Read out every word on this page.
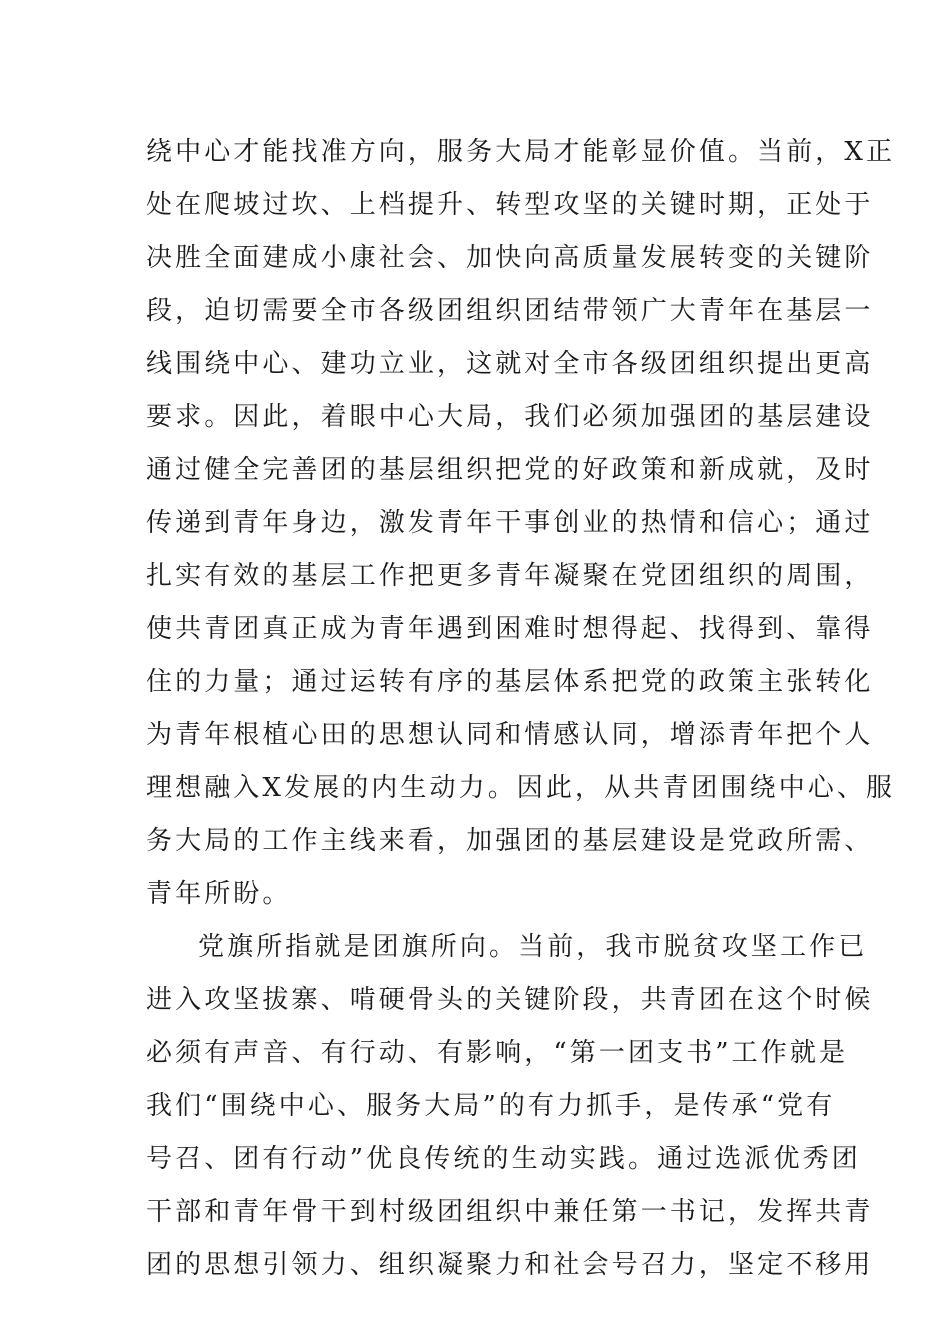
绕中心才能找准方向，服务大局才能彰显价值。当前，X正
处在爬坡过坎、上档提升、转型攻坚的关键时期，正处于
决胜全面建成小康社会、加快向高质量发展转变的关键阶
段，迫切需要全市各级团组织团结带领广大青年在基层一
线围绕中心、建功立业，这就对全市各级团组织提出更高
要求。因此，着眼中心大局，我们必须加强团的基层建设
通过健全完善团的基层组织把党的好政策和新成就，及时
传递到青年身边，激发青年干事创业的热情和信心；通过
扎实有效的基层工作把更多青年凝聚在党团组织的周围，
使共青团真正成为青年遇到困难时想得起、找得到、靠得
住的力量；通过运转有序的基层体系把党的政策主张转化
为青年根植心田的思想认同和情感认同，增添青年把个人
理想融入X发展的内生动力。因此，从共青团围绕中心、服
务大局的工作主线来看，加强团的基层建设是党政所需、
青年所盼。
党旗所指就是团旗所向。当前，我市脱贫攻坚工作已
进入攻坚拔寨、啃硬骨头的关键阶段，共青团在这个时候
必须有声音、有行动、有影响，“第一团支书”工作就是
我们“围绕中心、服务大局”的有力抓手，是传承“党有
号召、团有行动”优良传统的生动实践。通过选派优秀团
干部和青年骨干到村级团组织中兼任第一书记，发挥共青
团的思想引领力、组织凝聚力和社会号召力，坚定不移用
